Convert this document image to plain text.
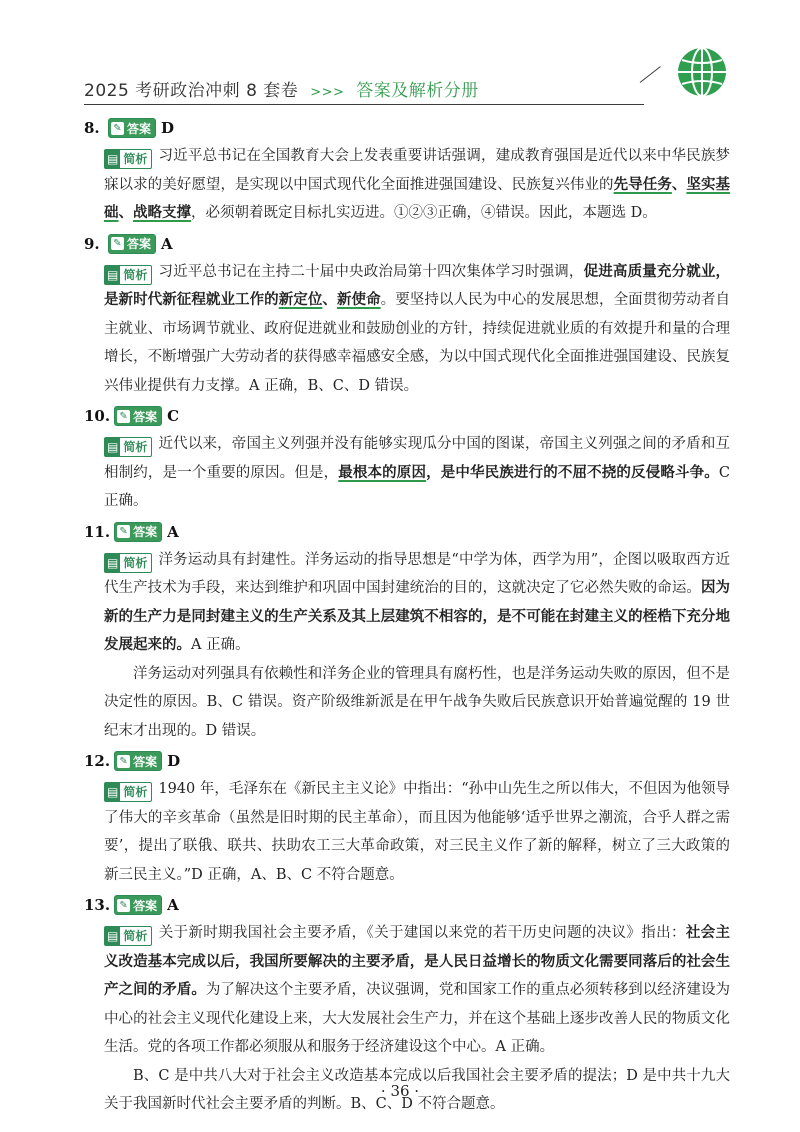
2025 考研政治冲刺 8 套卷 >>> 答案及解析分册
8.	✎ 答案 D

▤ 简析 习近平总书记在全国教育大会上发表重要讲话强调，建成教育强国是近代以来中华民族梦寐以求的美好愿望，是实现以中国式现代化全面推进强国建设、民族复兴伟业的先导任务、坚实基础、战略支撑，必须朝着既定目标扎实迈进。①②③正确，④错误。因此，本题选 D。

9.	✎ 答案 A

▤ 简析 习近平总书记在主持二十届中央政治局第十四次集体学习时强调，促进高质量充分就业，是新时代新征程就业工作的新定位、新使命。要坚持以人民为中心的发展思想，全面贯彻劳动者自主就业、市场调节就业、政府促进就业和鼓励创业的方针，持续促进就业质的有效提升和量的合理增长，不断增强广大劳动者的获得感幸福感安全感，为以中国式现代化全面推进强国建设、民族复兴伟业提供有力支撑。A 正确，B、C、D 错误。

10. ✎ 答案 C

▤ 简析 近代以来，帝国主义列强并没有能够实现瓜分中国的图谋，帝国主义列强之间的矛盾和互相制约，是一个重要的原因。但是，最根本的原因，是中华民族进行的不屈不挠的反侵略斗争。C 正确。

11. ✎ 答案 A

▤ 简析 洋务运动具有封建性。洋务运动的指导思想是“中学为体，西学为用”，企图以吸取西方近代生产技术为手段，来达到维护和巩固中国封建统治的目的，这就决定了它必然失败的命运。因为新的生产力是同封建主义的生产关系及其上层建筑不相容的，是不可能在封建主义的桎梏下充分地发展起来的。A 正确。

洋务运动对列强具有依赖性和洋务企业的管理具有腐朽性，也是洋务运动失败的原因，但不是决定性的原因。B、C 错误。资产阶级维新派是在甲午战争失败后民族意识开始普遍觉醒的 19 世纪末才出现的。D 错误。

12. ✎ 答案 D

▤ 简析 1940 年，毛泽东在《新民主主义论》中指出：“孙中山先生之所以伟大，不但因为他领导了伟大的辛亥革命（虽然是旧时期的民主革命），而且因为他能够‘适乎世界之潮流，合乎人群之需要’，提出了联俄、联共、扶助农工三大革命政策，对三民主义作了新的解释，树立了三大政策的新三民主义。”D 正确，A、B、C 不符合题意。

13. ✎ 答案 A

▤ 简析 关于新时期我国社会主要矛盾，《关于建国以来党的若干历史问题的决议》指出：社会主义改造基本完成以后，我国所要解决的主要矛盾，是人民日益增长的物质文化需要同落后的社会生产之间的矛盾。为了解决这个主要矛盾，决议强调，党和国家工作的重点必须转移到以经济建设为中心的社会主义现代化建设上来，大大发展社会生产力，并在这个基础上逐步改善人民的物质文化生活。党的各项工作都必须服从和服务于经济建设这个中心。A 正确。

B、C 是中共八大对于社会主义改造基本完成以后我国社会主要矛盾的提法；D 是中共十九大关于我国新时代社会主要矛盾的判断。B、C、D 不符合题意。

· 36 ·
